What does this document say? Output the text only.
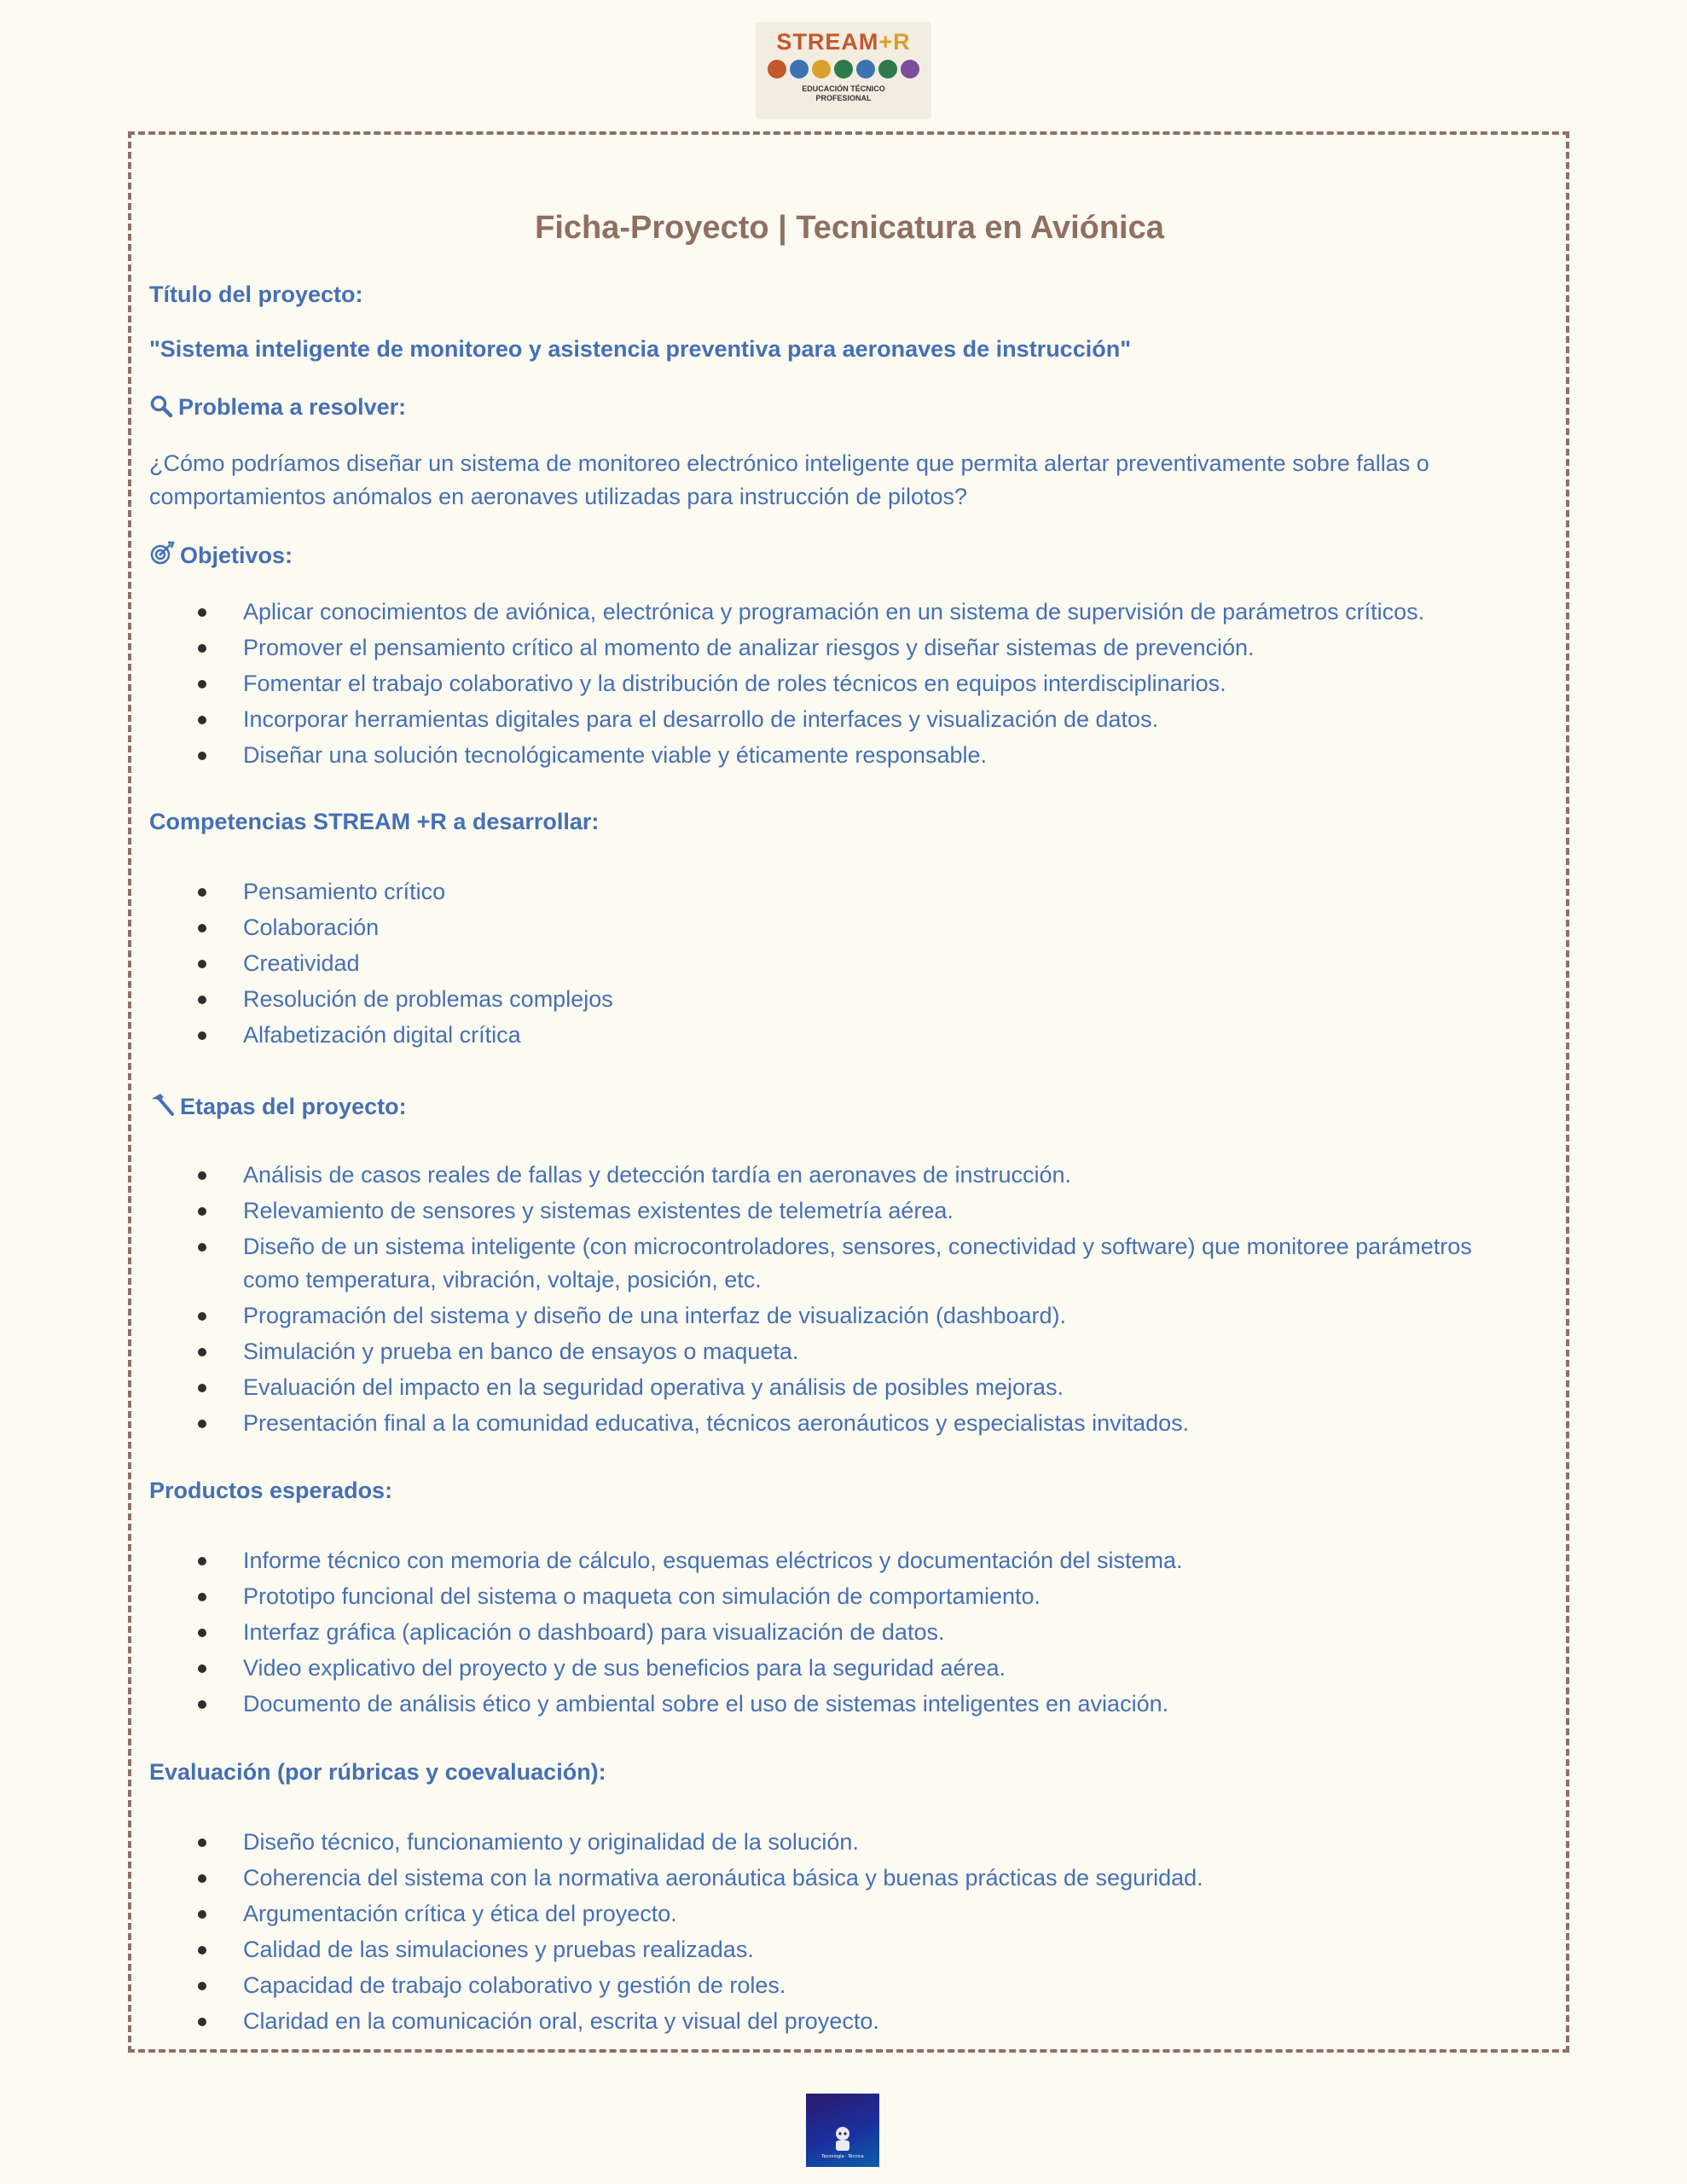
STREAM+R
EDUCACIÓN TÉCNICO
PROFESIONAL
Ficha-Proyecto | Tecnicatura en Aviónica
Título del proyecto:
"Sistema inteligente de monitoreo y asistencia preventiva para aeronaves de instrucción"
Problema a resolver:
¿Cómo podríamos diseñar un sistema de monitoreo electrónico inteligente que permita alertar preventivamente sobre fallas o comportamientos anómalos en aeronaves utilizadas para instrucción de pilotos?
Objetivos:
Aplicar conocimientos de aviónica, electrónica y programación en un sistema de supervisión de parámetros críticos.
Promover el pensamiento crítico al momento de analizar riesgos y diseñar sistemas de prevención.
Fomentar el trabajo colaborativo y la distribución de roles técnicos en equipos interdisciplinarios.
Incorporar herramientas digitales para el desarrollo de interfaces y visualización de datos.
Diseñar una solución tecnológicamente viable y éticamente responsable.
Competencias STREAM +R a desarrollar:
Pensamiento crítico
Colaboración
Creatividad
Resolución de problemas complejos
Alfabetización digital crítica
Etapas del proyecto:
Análisis de casos reales de fallas y detección tardía en aeronaves de instrucción.
Relevamiento de sensores y sistemas existentes de telemetría aérea.
Diseño de un sistema inteligente (con microcontroladores, sensores, conectividad y software) que monitoree parámetros como temperatura, vibración, voltaje, posición, etc.
Programación del sistema y diseño de una interfaz de visualización (dashboard).
Simulación y prueba en banco de ensayos o maqueta.
Evaluación del impacto en la seguridad operativa y análisis de posibles mejoras.
Presentación final a la comunidad educativa, técnicos aeronáuticos y especialistas invitados.
Productos esperados:
Informe técnico con memoria de cálculo, esquemas eléctricos y documentación del sistema.
Prototipo funcional del sistema o maqueta con simulación de comportamiento.
Interfaz gráfica (aplicación o dashboard) para visualización de datos.
Video explicativo del proyecto y de sus beneficios para la seguridad aérea.
Documento de análisis ético y ambiental sobre el uso de sistemas inteligentes en aviación.
Evaluación (por rúbricas y coevaluación):
Diseño técnico, funcionamiento y originalidad de la solución.
Coherencia del sistema con la normativa aeronáutica básica y buenas prácticas de seguridad.
Argumentación crítica y ética del proyecto.
Calidad de las simulaciones y pruebas realizadas.
Capacidad de trabajo colaborativo y gestión de roles.
Claridad en la comunicación oral, escrita y visual del proyecto.
Tecnología · Técnica
